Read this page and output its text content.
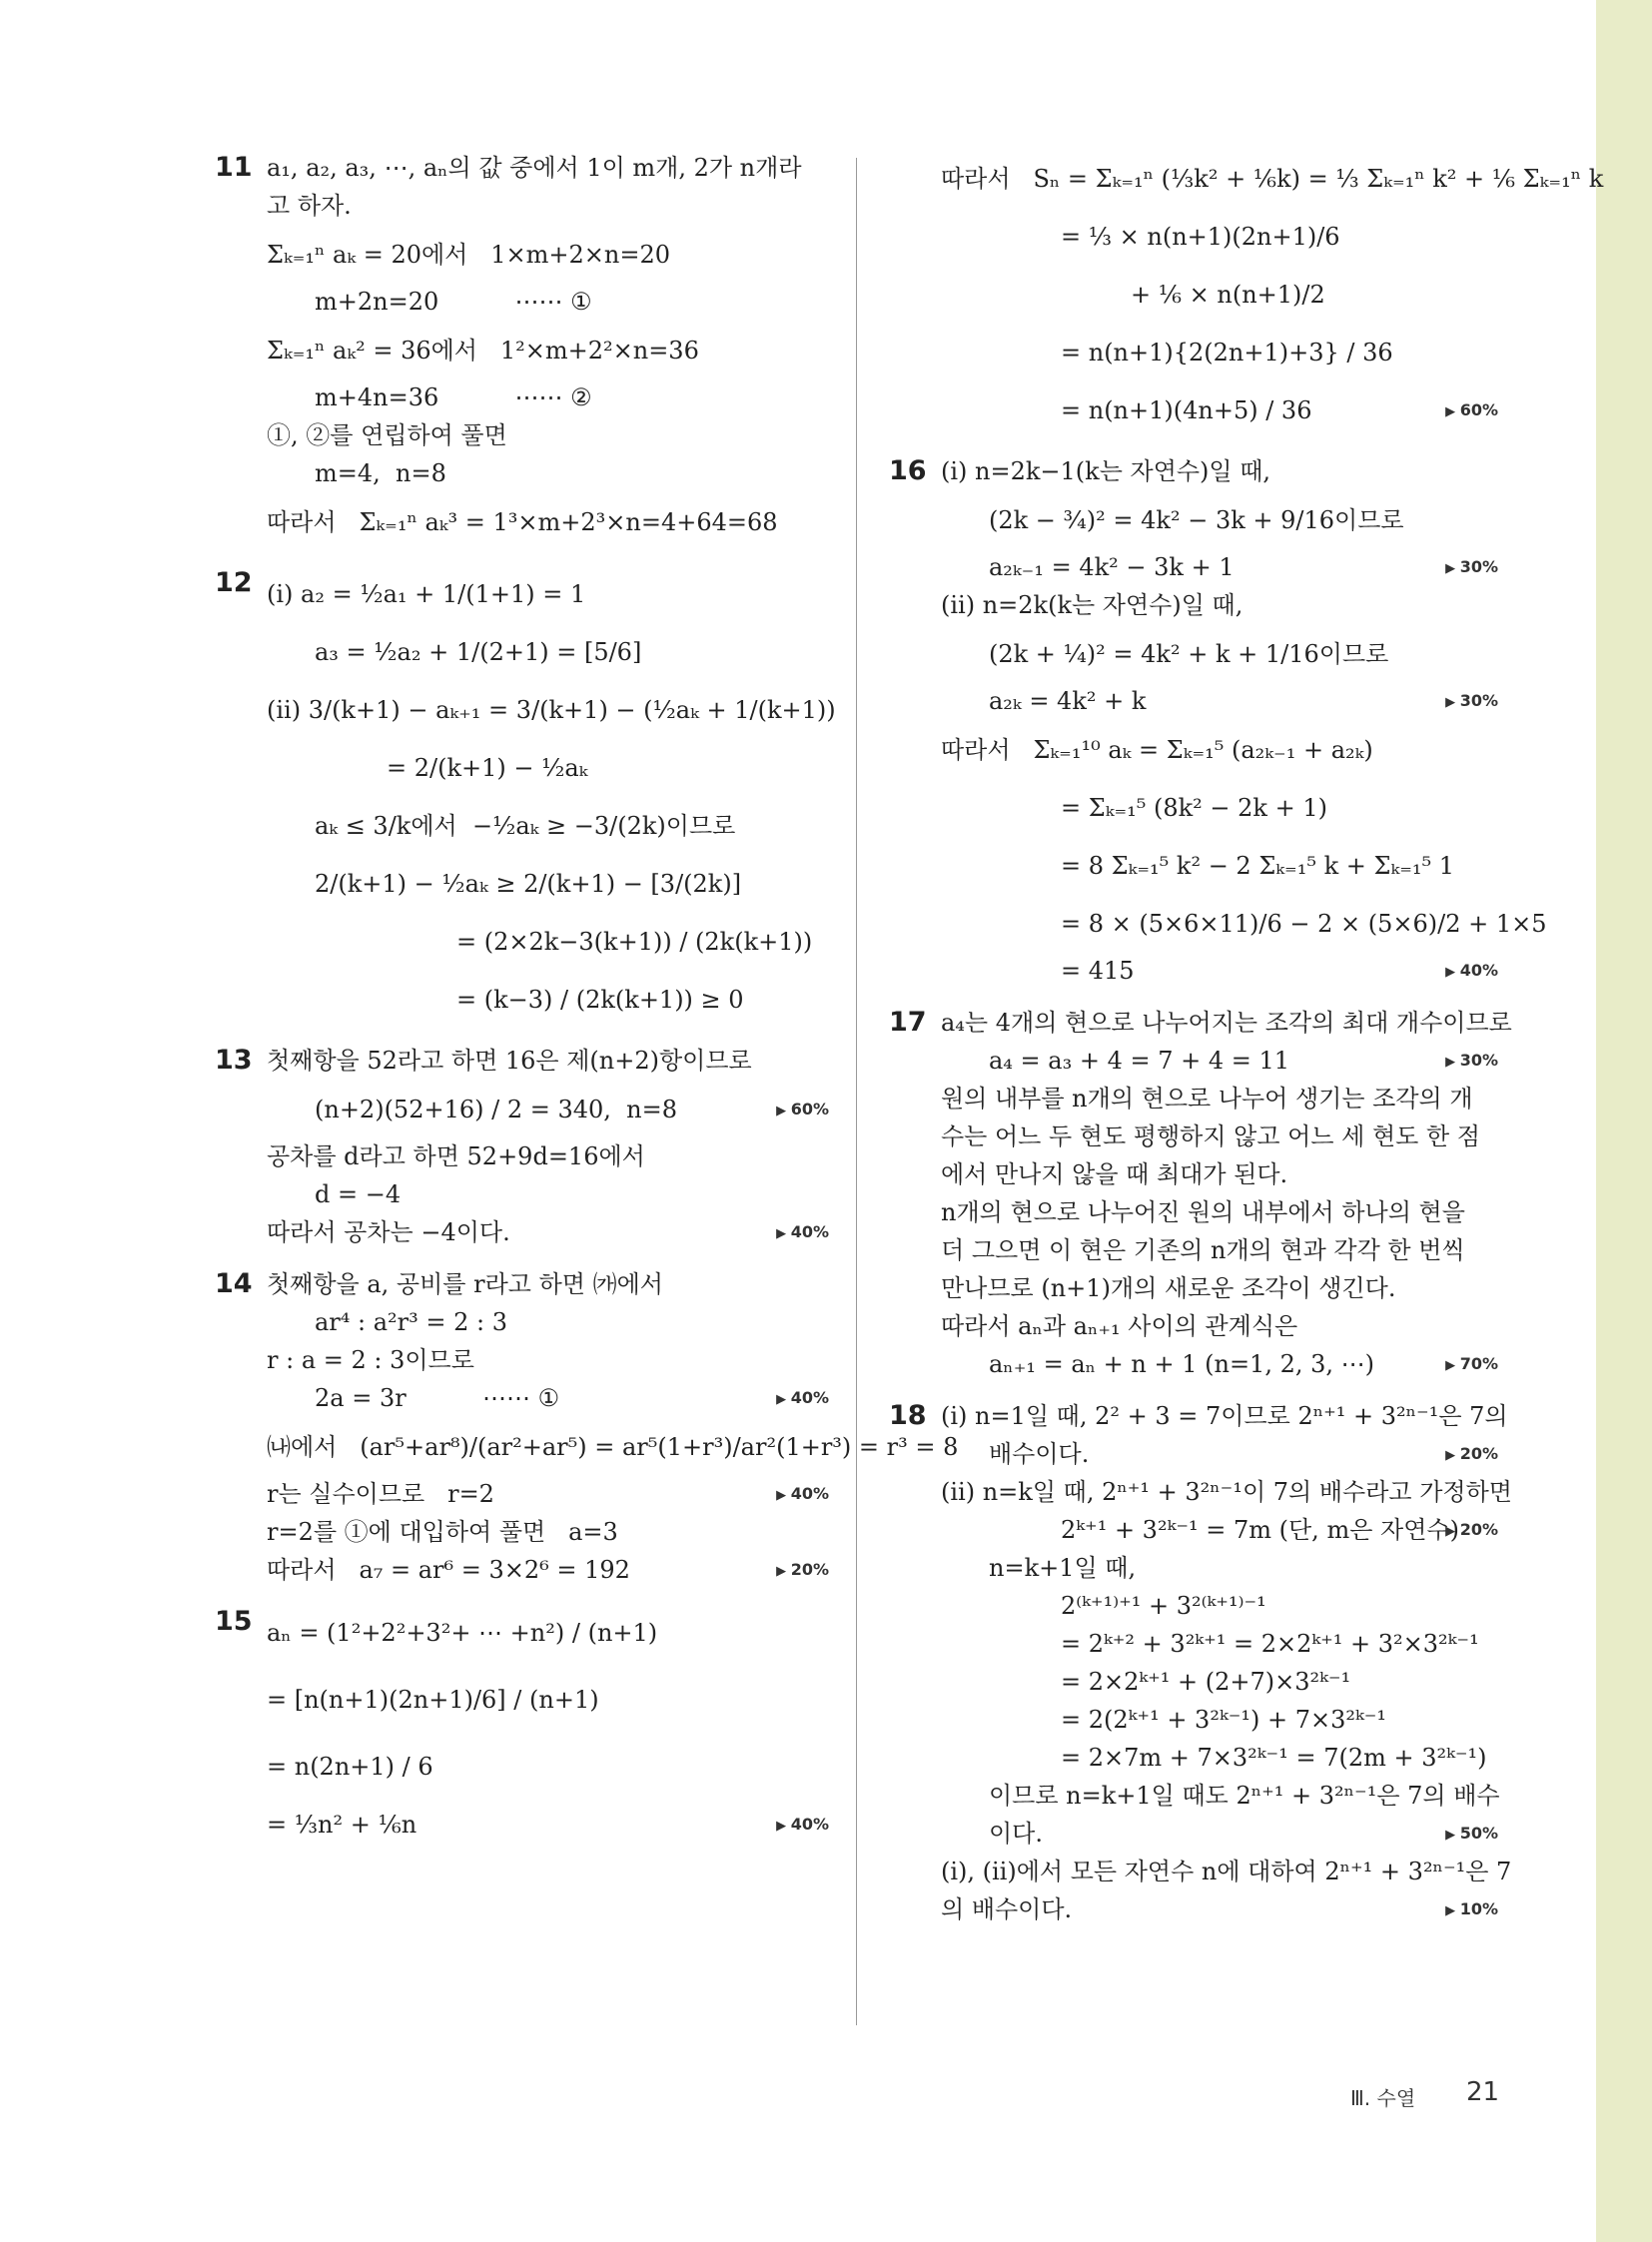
11 a₁, a₂, a₃, ⋯, aₙ의 값 중에서 1이 m개, 2가 n개라
고 하자.
Σₖ₌₁ⁿ aₖ = 20에서   1×m+2×n=20
m+2n=20          ⋯⋯ ①
Σₖ₌₁ⁿ aₖ² = 36에서   1²×m+2²×n=36
m+4n=36          ⋯⋯ ②
①, ②를 연립하여 풀면
m=4,  n=8
따라서   Σₖ₌₁ⁿ aₖ³ = 1³×m+2³×n=4+64=68
12 (ⅰ) a₂ = ½a₁ + 1/(1+1) = 1
a₃ = ½a₂ + 1/(2+1) = [5/6]
(ⅱ) 3/(k+1) − aₖ₊₁ = 3/(k+1) − (½aₖ + 1/(k+1))
= 2/(k+1) − ½aₖ
aₖ ≤ 3/k에서  −½aₖ ≥ −3/(2k)이므로
2/(k+1) − ½aₖ ≥ 2/(k+1) − [3/(2k)]
= (2×2k−3(k+1)) / (2k(k+1))
= (k−3) / (2k(k+1)) ≥ 0
13 첫째항을 52라고 하면 16은 제(n+2)항이므로
(n+2)(52+16) / 2 = 340,  n=8	▶ 60%
공차를 d라고 하면 52+9d=16에서
d = −4
따라서 공차는 −4이다.	▶ 40%
14 첫째항을 a, 공비를 r라고 하면 ㈎에서
ar⁴ : a²r³ = 2 : 3
r : a = 2 : 3이므로
2a = 3r          ⋯⋯ ①	▶ 40%
㈏에서   (ar⁵+ar⁸)/(ar²+ar⁵) = ar⁵(1+r³)/ar²(1+r³) = r³ = 8
r는 실수이므로   r=2	▶ 40%
r=2를 ①에 대입하여 풀면   a=3
따라서   a₇ = ar⁶ = 3×2⁶ = 192	▶ 20%
15 aₙ = (1²+2²+3²+ ⋯ +n²) / (n+1)
= [n(n+1)(2n+1)/6] / (n+1)
= n(2n+1) / 6
= ⅓n² + ⅙n	▶ 40%
따라서   Sₙ = Σₖ₌₁ⁿ (⅓k² + ⅙k) = ⅓ Σₖ₌₁ⁿ k² + ⅙ Σₖ₌₁ⁿ k
= ⅓ × n(n+1)(2n+1)/6
+ ⅙ × n(n+1)/2
= n(n+1){2(2n+1)+3} / 36
= n(n+1)(4n+5) / 36	▶ 60%
16 (ⅰ) n=2k−1(k는 자연수)일 때,
(2k − ¾)² = 4k² − 3k + 9/16이므로
a₂ₖ₋₁ = 4k² − 3k + 1	▶ 30%
(ⅱ) n=2k(k는 자연수)일 때,
(2k + ¼)² = 4k² + k + 1/16이므로
a₂ₖ = 4k² + k	▶ 30%
따라서   Σₖ₌₁¹⁰ aₖ = Σₖ₌₁⁵ (a₂ₖ₋₁ + a₂ₖ)
= Σₖ₌₁⁵ (8k² − 2k + 1)
= 8 Σₖ₌₁⁵ k² − 2 Σₖ₌₁⁵ k + Σₖ₌₁⁵ 1
= 8 × (5×6×11)/6 − 2 × (5×6)/2 + 1×5
= 415	▶ 40%
17 a₄는 4개의 현으로 나누어지는 조각의 최대 개수이므로
a₄ = a₃ + 4 = 7 + 4 = 11	▶ 30%
원의 내부를 n개의 현으로 나누어 생기는 조각의 개
수는 어느 두 현도 평행하지 않고 어느 세 현도 한 점
에서 만나지 않을 때 최대가 된다.
n개의 현으로 나누어진 원의 내부에서 하나의 현을
더 그으면 이 현은 기존의 n개의 현과 각각 한 번씩
만나므로 (n+1)개의 새로운 조각이 생긴다.
따라서 aₙ과 aₙ₊₁ 사이의 관계식은
aₙ₊₁ = aₙ + n + 1 (n=1, 2, 3, ⋯)	▶ 70%
18 (ⅰ) n=1일 때, 2² + 3 = 7이므로 2ⁿ⁺¹ + 3²ⁿ⁻¹은 7의
배수이다.	▶ 20%
(ⅱ) n=k일 때, 2ⁿ⁺¹ + 3²ⁿ⁻¹이 7의 배수라고 가정하면
2ᵏ⁺¹ + 3²ᵏ⁻¹ = 7m (단, m은 자연수) ▶ 20%
n=k+1일 때,
2⁽ᵏ⁺¹⁾⁺¹ + 3²⁽ᵏ⁺¹⁾⁻¹
= 2ᵏ⁺² + 3²ᵏ⁺¹ = 2×2ᵏ⁺¹ + 3²×3²ᵏ⁻¹
= 2×2ᵏ⁺¹ + (2+7)×3²ᵏ⁻¹
= 2(2ᵏ⁺¹ + 3²ᵏ⁻¹) + 7×3²ᵏ⁻¹
= 2×7m + 7×3²ᵏ⁻¹ = 7(2m + 3²ᵏ⁻¹)
이므로 n=k+1일 때도 2ⁿ⁺¹ + 3²ⁿ⁻¹은 7의 배수
이다.	▶ 50%
(ⅰ), (ⅱ)에서 모든 자연수 n에 대하여 2ⁿ⁺¹ + 3²ⁿ⁻¹은 7
의 배수이다.	▶ 10%
Ⅲ. 수열 21
